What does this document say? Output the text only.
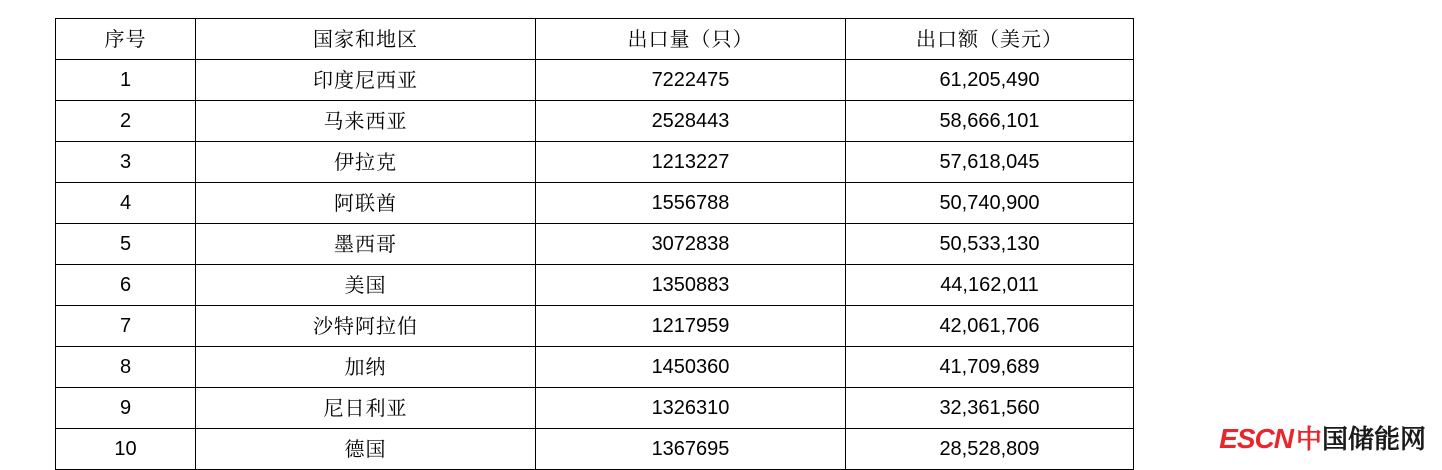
序号	国家和地区	出口量（只）	出口额（美元）
1	印度尼西亚	7222475	61,205,490
2	马来西亚	2528443	58,666,101
3	伊拉克	1213227	57,618,045
4	阿联酋	1556788	50,740,900
5	墨西哥	3072838	50,533,130
6	美国	1350883	44,162,011
7	沙特阿拉伯	1217959	42,061,706
8	加纳	1450360	41,709,689
9	尼日利亚	1326310	32,361,560
10	德国	1367695	28,528,809	ESCN 中 国储能网
